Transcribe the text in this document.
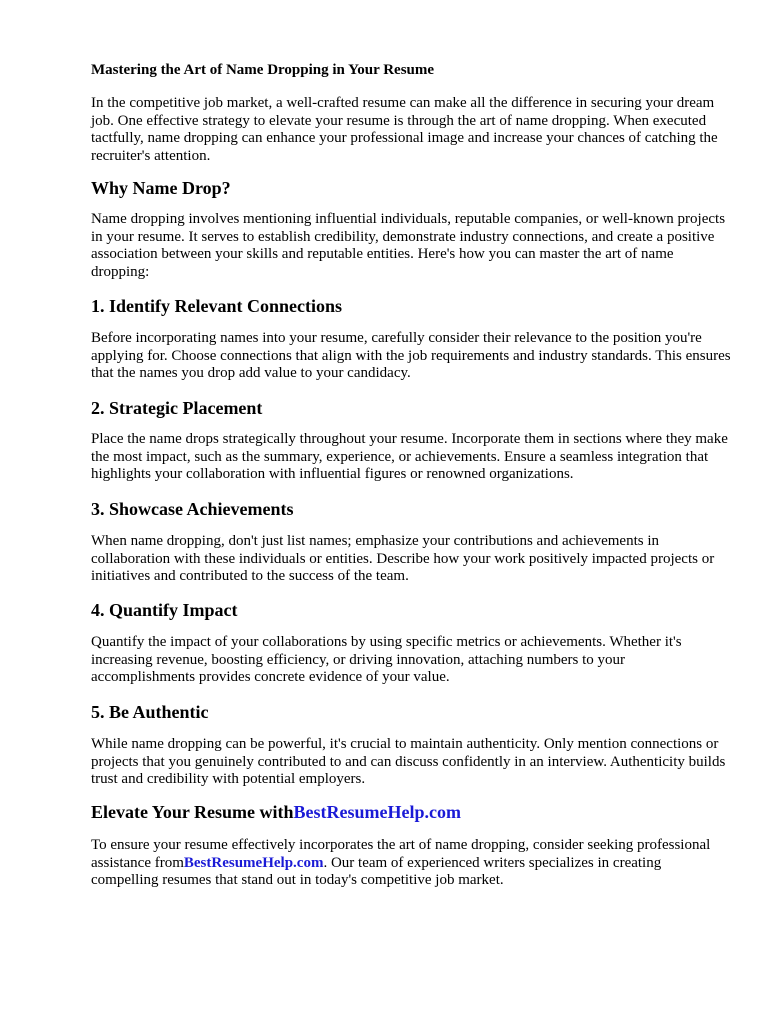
Mastering the Art of Name Dropping in Your Resume

In the competitive job market, a well-crafted resume can make all the difference in securing your dream job. One effective strategy to elevate your resume is through the art of name dropping. When executed tactfully, name dropping can enhance your professional image and increase your chances of catching the recruiter's attention.

Why Name Drop?

Name dropping involves mentioning influential individuals, reputable companies, or well-known projects in your resume. It serves to establish credibility, demonstrate industry connections, and create a positive association between your skills and reputable entities. Here's how you can master the art of name dropping:

1. Identify Relevant Connections

Before incorporating names into your resume, carefully consider their relevance to the position you're applying for. Choose connections that align with the job requirements and industry standards. This ensures that the names you drop add value to your candidacy.

2. Strategic Placement

Place the name drops strategically throughout your resume. Incorporate them in sections where they make the most impact, such as the summary, experience, or achievements. Ensure a seamless integration that highlights your collaboration with influential figures or renowned organizations.

3. Showcase Achievements

When name dropping, don't just list names; emphasize your contributions and achievements in collaboration with these individuals or entities. Describe how your work positively impacted projects or initiatives and contributed to the success of the team.

4. Quantify Impact

Quantify the impact of your collaborations by using specific metrics or achievements. Whether it's increasing revenue, boosting efficiency, or driving innovation, attaching numbers to your accomplishments provides concrete evidence of your value.

5. Be Authentic

While name dropping can be powerful, it's crucial to maintain authenticity. Only mention connections or projects that you genuinely contributed to and can discuss confidently in an interview. Authenticity builds trust and credibility with potential employers.

Elevate Your Resume withBestResumeHelp.com

To ensure your resume effectively incorporates the art of name dropping, consider seeking professional assistance fromBestResumeHelp.com. Our team of experienced writers specializes in creating compelling resumes that stand out in today's competitive job market.
